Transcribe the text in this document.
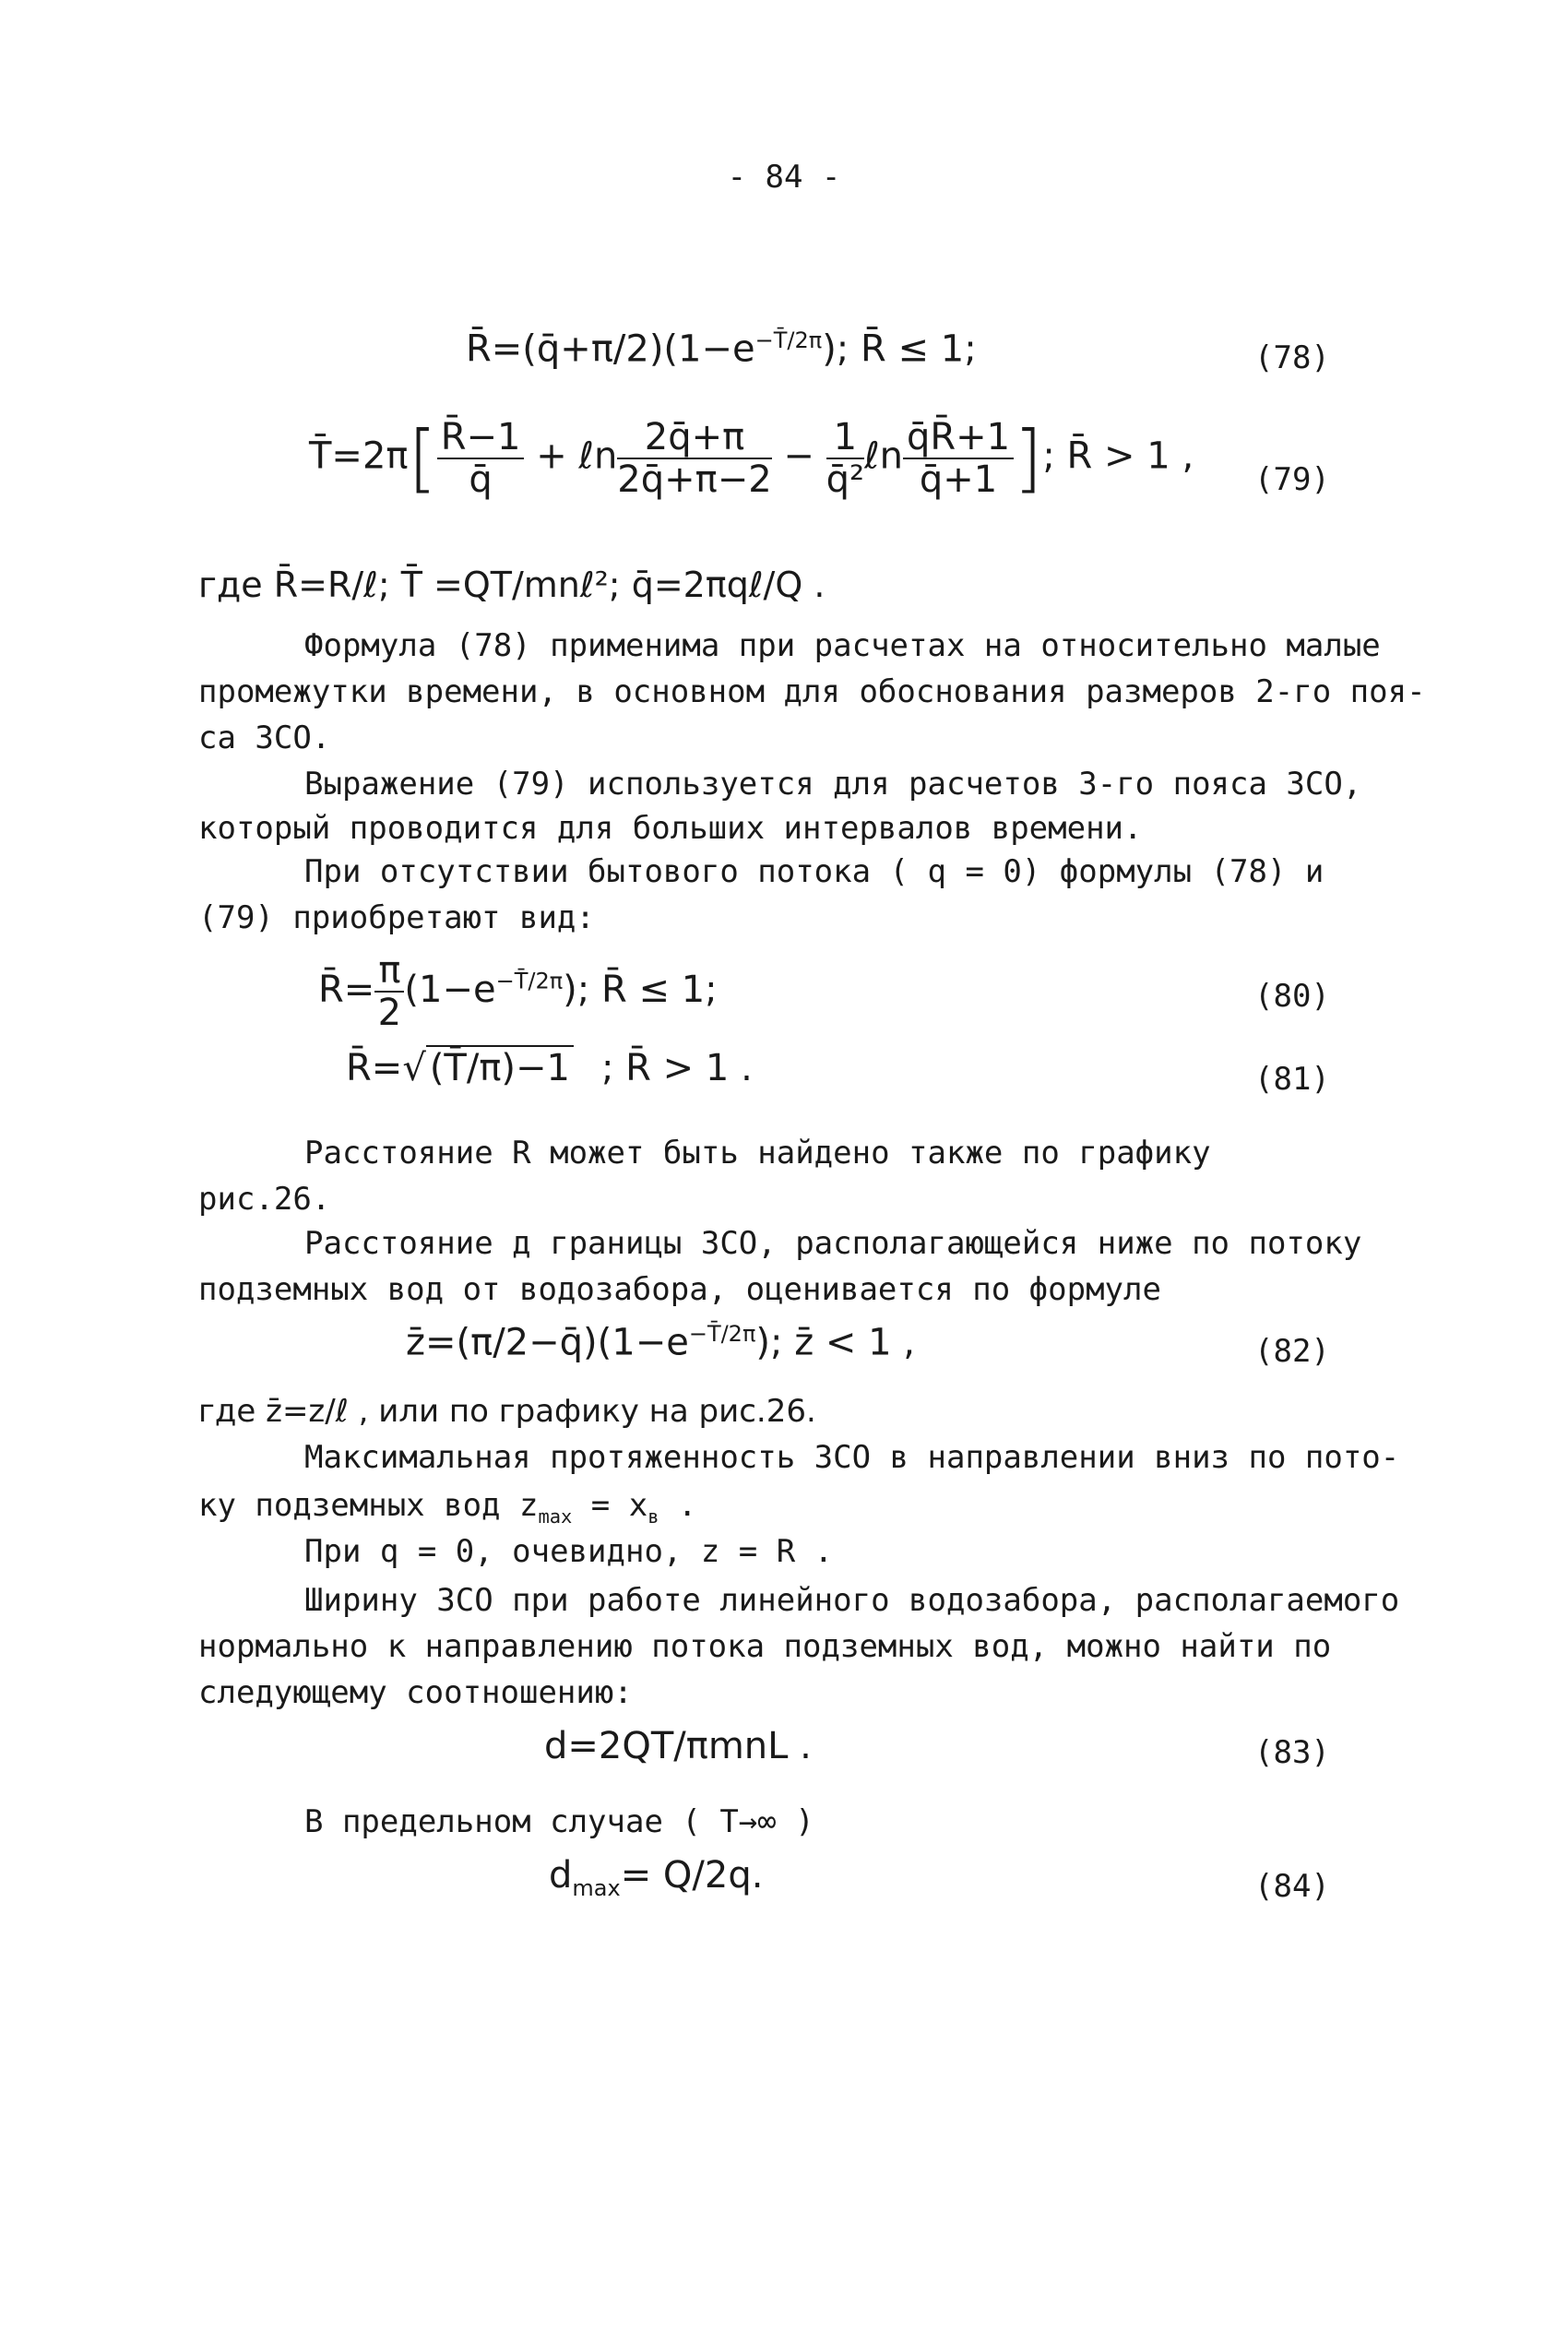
- 84 -
$R̄=(q̄+\pi/2)(1-e^{-T̄/2\pi})$; R̄ ≤ 1;	(78)
T̄=2π[ $\frac{R̄-1}{q̄}$ + ℓn $\frac{2q̄+\pi}{2q̄+\pi-2} - \frac{1}{\text{q̄²}}$ ℓn $\frac{q̄R̄+1}{q̄+1}$ ]; R̄ > 1 ,
(79)
где R̄=R/ℓ; T̄ =QT/mnℓ²; q̄=2πqℓ/Q .
Формула (78) применима при расчетах на относительно малые
промежутки времени, в основном для обоснования размеров 2-го поя-
са ЗСО.
Выражение (79) используется для расчетов 3-го пояса ЗСО,
который проводится для больших интервалов времени.
При отсутствии бытового потока ( q = 0) формулы (78) и
(79) приобретают вид:
R̄= $\frac{\pi}{2} (1-e^{-T̄/2\pi})$; R̄ ≤ 1;	(80)
R̄=√ (T̄/π)−1 ; R̄ > 1 .	(81)
Расстояние R может быть найдено также по графику
рис.26.
Расстояние д границы ЗСО, располагающейся ниже по потоку
подземных вод от водозабора, оценивается по формуле
$z̄=(\pi/2-q̄)(1-e^{-T̄/2\pi})$; z̄ < 1 ,	(82)
где z̄=z/ℓ , или по графику на рис.26.
Максимальная протяженность ЗСО в направлении вниз по пото-
ку подземных вод $z_{max} = x_в$ .
При q = 0, очевидно, z = R .
Ширину ЗСО при работе линейного водозабора, располагаемого
нормально к направлению потока подземных вод, можно найти по
следующему соотношению:
d=2QT/πmnL .	(83)
В предельном случае ( T→∞ )
$d_{max}= Q/2q$.	(84)
